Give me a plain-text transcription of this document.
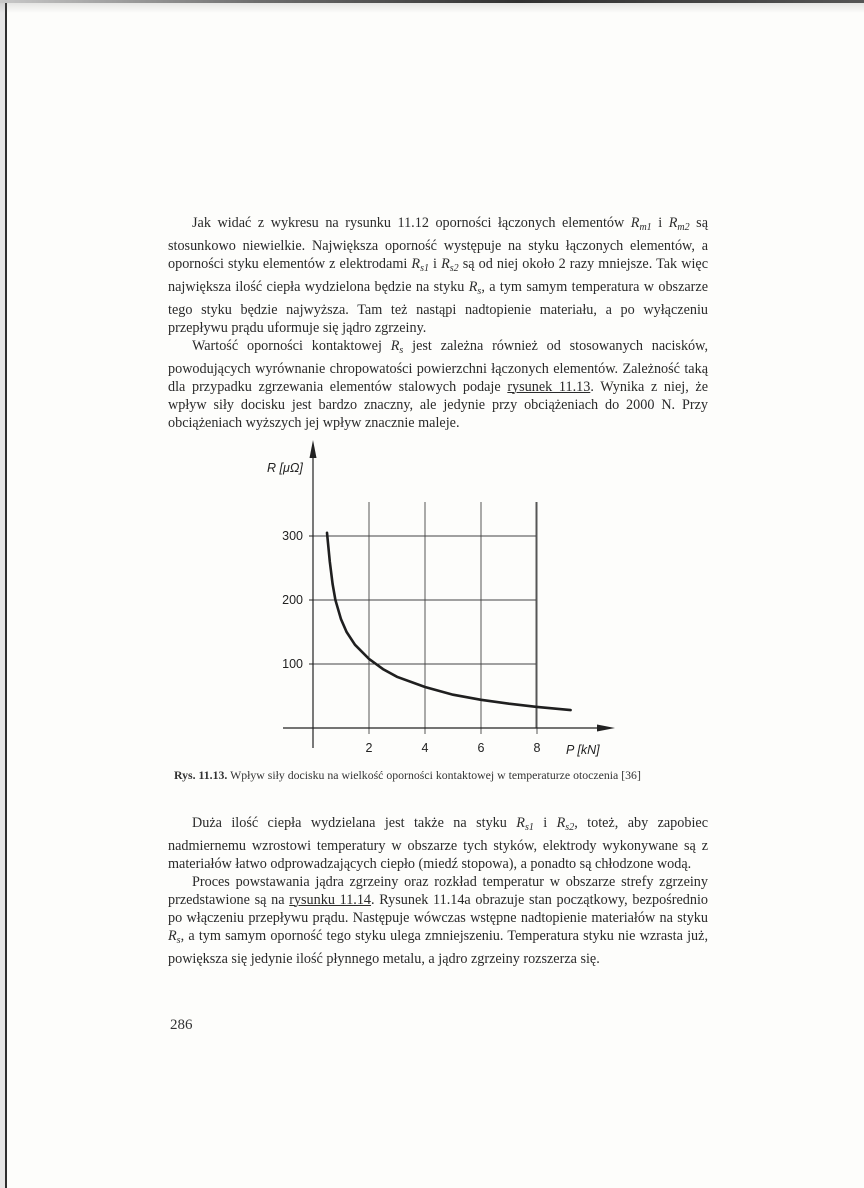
Jak widać z wykresu na rysunku 11.12 oporności łączonych elementów $R_{m1}$ i $R_{m2}$ są stosunkowo niewielkie. Największa oporność występuje na styku łączonych elementów, a oporności styku elementów z elektrodami $R_{s1}$ i $R_{s2}$ są od niej około 2 razy mniejsze. Tak więc największa ilość ciepła wydzielona będzie na styku $R_s$, a tym samym temperatura w obszarze tego styku będzie najwyższa. Tam też nastąpi nadtopienie materiału, a po wyłączeniu przepływu prądu uformuje się jądro zgrzeiny.

Wartość oporności kontaktowej $R_s$ jest zależna również od stosowanych nacisków, powodujących wyrównanie chropowatości powierzchni łączonych elementów. Zależność taką dla przypadku zgrzewania elementów stalowych podaje rysunek 11.13. Wynika z niej, że wpływ siły docisku jest bardzo znaczny, ale jedynie przy obciążeniach do 2000 N. Przy obciążeniach wyższych jej wpływ znacznie maleje.

R [μΩ]
P [kN]
300
200
100
2	4	6	8
Rys. 11.13. Wpływ siły docisku na wielkość oporności kontaktowej w temperaturze otoczenia [36]

Duża ilość ciepła wydzielana jest także na styku $R_{s1}$ i $R_{s2}$, toteż, aby zapobiec nadmiernemu wzrostowi temperatury w obszarze tych styków, elektrody wykonywane są z materiałów łatwo odprowadzających ciepło (miedź stopowa), a ponadto są chłodzone wodą.

Proces powstawania jądra zgrzeiny oraz rozkład temperatur w obszarze strefy zgrzeiny przedstawione są na rysunku 11.14. Rysunek 11.14a obrazuje stan początkowy, bezpośrednio po włączeniu przepływu prądu. Następuje wówczas wstępne nadtopienie materiałów na styku $R_s$, a tym samym oporność tego styku ulega zmniejszeniu. Temperatura styku nie wzrasta już, powiększa się jedynie ilość płynnego metalu, a jądro zgrzeiny rozszerza się.

286
